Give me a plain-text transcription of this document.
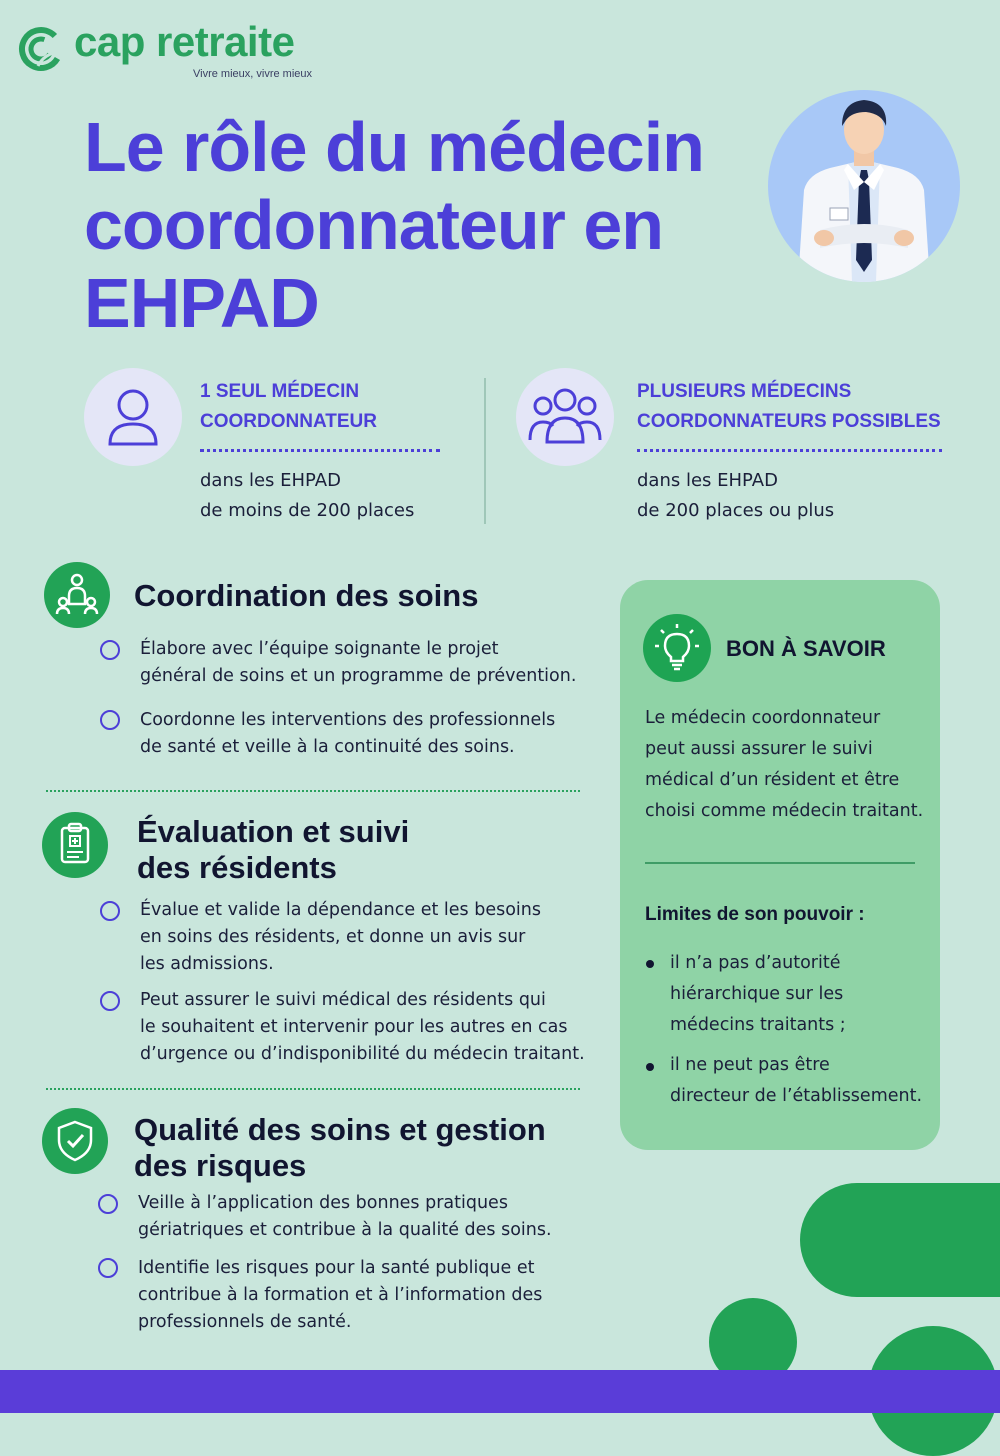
cap retraite
Vivre mieux, vivre mieux
Le rôle du médecin
coordonnateur en
EHPAD
1 SEUL MÉDECIN
COORDONNATEUR
dans les EHPAD
de moins de 200 places
PLUSIEURS MÉDECINS
COORDONNATEURS POSSIBLES
dans les EHPAD
de 200 places ou plus
Coordination des soins
Élabore avec l’équipe soignante le projet
général de soins et un programme de prévention.
Coordonne les interventions des professionnels
de santé et veille à la continuité des soins.
Évaluation et suivi
des résidents
Évalue et valide la dépendance et les besoins
en soins des résidents, et donne un avis sur
les admissions.
Peut assurer le suivi médical des résidents qui
le souhaitent et intervenir pour les autres en cas
d’urgence ou d’indisponibilité du médecin traitant.
Qualité des soins et gestion
des risques
Veille à l’application des bonnes pratiques
gériatriques et contribue à la qualité des soins.
Identifie les risques pour la santé publique et
contribue à la formation et à l’information des
professionnels de santé.
BON À SAVOIR
Le médecin coordonnateur
peut aussi assurer le suivi
médical d’un résident et être
choisi comme médecin traitant.
Limites de son pouvoir :
il n’a pas d’autorité
hiérarchique sur les
médecins traitants ;
il ne peut pas être
directeur de l’établissement.
